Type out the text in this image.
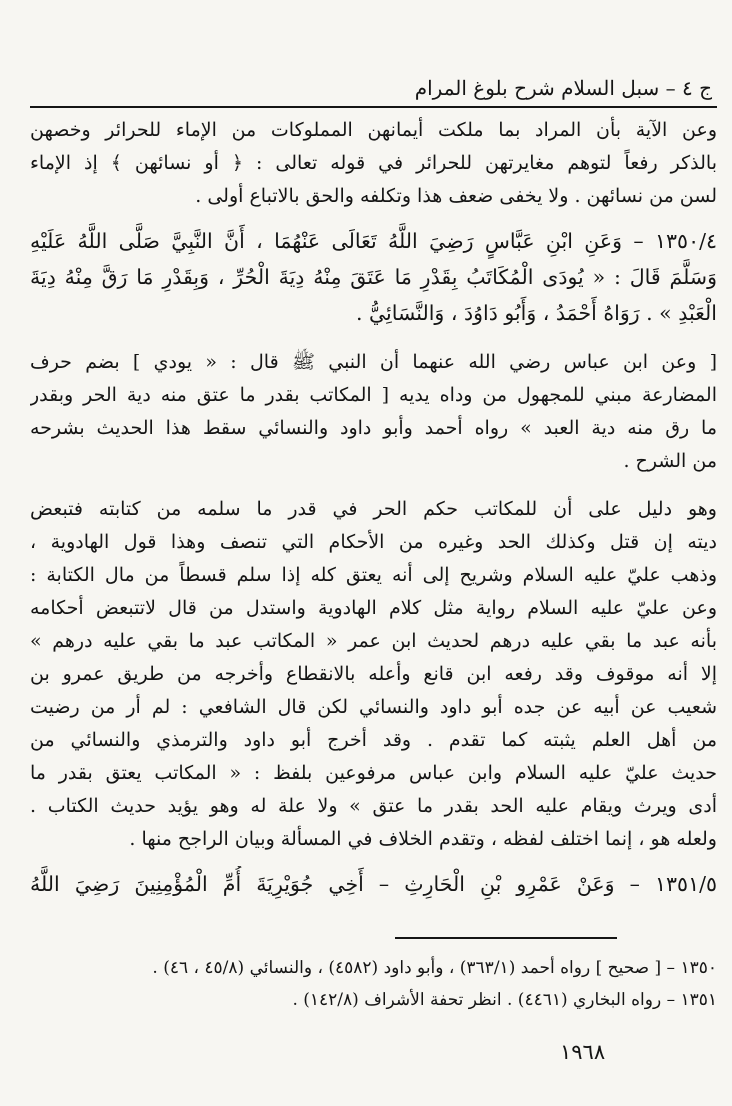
ج ٤ – سبل السلام شرح بلوغ المرام
وعن الآية بأن المراد بما ملكت أيمانهن المملوكات من الإماء للحرائر وخصهن
بالذكر رفعاً لتوهم مغايرتهن للحرائر في قوله تعالى : ﴿ أو نسائهن ﴾ إذ الإماء
لسن من نسائهن . ولا يخفى ضعف هذا وتكلفه والحق بالاتباع أولى .
١٣٥٠/٤ – وَعَنِ ابْنِ عَبَّاسٍ رَضِيَ اللَّهُ تَعَالَى عَنْهُمَا ، أَنَّ النَّبِيَّ صَلَّى اللَّهُ عَلَيْهِ
وَسَلَّمَ قَالَ : « يُودَى الْمُكَاتَبُ بِقَدْرِ مَا عَتَقَ مِنْهُ دِيَةَ الْحُرِّ ، وَبِقَدْرِ مَا رَقَّ مِنْهُ دِيَةَ
الْعَبْدِ » . رَوَاهُ أَحْمَدُ ، وَأَبُو دَاوُدَ ، وَالنَّسَائِيُّ .
[ وعن ابن عباس رضي الله عنهما أن النبي ﷺ قال : « يودي ] بضم حرف
المضارعة مبني للمجهول من وداه يديه [ المكاتب بقدر ما عتق منه دية الحر وبقدر
ما رق منه دية العبد » رواه أحمد وأبو داود والنسائي سقط هذا الحديث بشرحه
من الشرح .
وهو دليل على أن للمكاتب حكم الحر في قدر ما سلمه من كتابته فتبعض
ديته إن قتل وكذلك الحد وغيره من الأحكام التي تنصف وهذا قول الهادوية ،
وذهب عليّ عليه السلام وشريح إلى أنه يعتق كله إذا سلم قسطاً من مال الكتابة :
وعن عليّ عليه السلام رواية مثل كلام الهادوية واستدل من قال لاتتبعض أحكامه
بأنه عبد ما بقي عليه درهم لحديث ابن عمر « المكاتب عبد ما بقي عليه درهم »
إلا أنه موقوف وقد رفعه ابن قانع وأعله بالانقطاع وأخرجه من طريق عمرو بن
شعيب عن أبيه عن جده أبو داود والنسائي لكن قال الشافعي : لم أر من رضيت
من أهل العلم يثبته كما تقدم . وقد أخرج أبو داود والترمذي والنسائي من
حديث عليّ عليه السلام وابن عباس مرفوعين بلفظ : « المكاتب يعتق بقدر ما
أدى ويرث ويقام عليه الحد بقدر ما عتق » ولا علة له وهو يؤيد حديث الكتاب .
ولعله هو ، إنما اختلف لفظه ، وتقدم الخلاف في المسألة وبيان الراجح منها .
١٣٥١/٥ – وَعَنْ عَمْرِو بْنِ الْحَارِثِ – أَخِي جُوَيْرِيَةَ أُمِّ الْمُؤْمِنِينَ رَضِيَ اللَّهُ
١٣٥٠ – [ صحيح ] رواه أحمد (٣٦٣/١) ، وأبو داود (٤٥٨٢) ، والنسائي (٤٥/٨ ، ٤٦) .
١٣٥١ – رواه البخاري (٤٤٦١) . انظر تحفة الأشراف (١٤٢/٨) .
١٩٦٨
